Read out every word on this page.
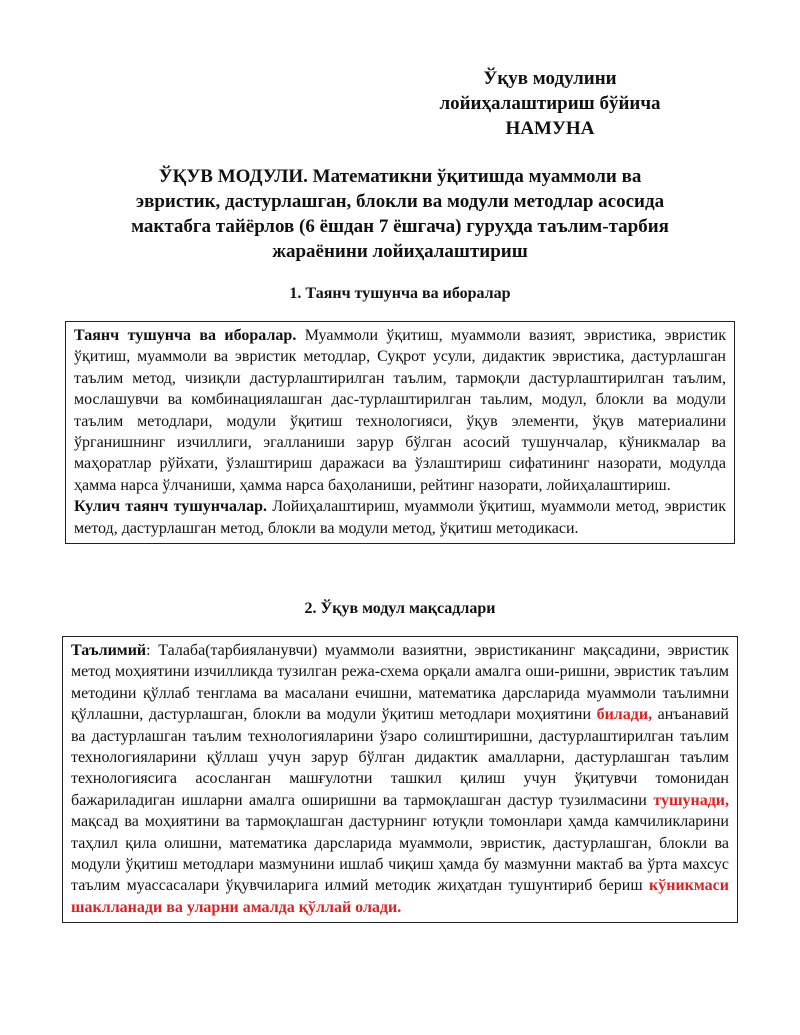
Ўқув модулини
лойиҳалаштириш бўйича
НАМУНА
ЎҚУВ МОДУЛИ. Математикни ўқитишда муаммоли ва
эвристик, дастурлашган, блокли ва модули методлар асосида
мактабга тайёрлов (6 ёшдан 7 ёшгача) гуруҳда таълим-тарбия
жараёнини лойиҳалаштириш
1. Таянч тушунча ва иборалар

Таянч тушунча ва иборалар. Муаммоли ўқитиш, муаммоли вазият, эвристика, эвристик ўқитиш, муаммоли ва эвристик методлар, Суқрот усули, дидактик эвристика, дастурлашган таълим метод, чизиқли дастурлаштирилган таълим, тармоқли дастурлаштирилган таълим, мослашувчи ва комбинациялашган дас-турлаштирилган таьлим, модул, блокли ва модули таълим методлари, модули ўқитиш технологияси, ўқув элементи, ўқув материалини ўрганишнинг изчиллиги, эгалланиши зарур бўлган асосий тушунчалар, кўникмалар ва маҳоратлар рўйхати, ўзлаштириш даражаси ва ўзлаштириш сифатининг назорати, модулда ҳамма нарса ўлчаниши, ҳамма нарса баҳоланиши, рейтинг назорати, лойиҳалаштириш.

Кулич таянч тушунчалар. Лойиҳалаштириш, муаммоли ўқитиш, муаммоли метод, эвристик метод, дастурлашган метод, блокли ва модули метод, ўқитиш методикаси.

2. Ўқув модул мақсадлари

Таълимий: Талаба(тарбияланувчи) муаммоли вазиятни, эвристиканинг мақсадини, эвристик метод моҳиятини изчилликда тузилган режа-схема орқали амалга оши-ришни, эвристик таълим методини қўллаб тенглама ва масалани ечишни, математика дарсларида муаммоли таълимни қўллашни, дастурлашган, блокли ва модули ўқитиш методлари моҳиятини билади, анъанавий ва дастурлашган таълим технологияларини ўзаро солиштиришни, дастурлаштирилган таълим технологияларини қўллаш учун зарур бўлган дидактик амалларни, дастурлашган таълим технологиясига асосланган машғулотни ташкил қилиш учун ўқитувчи томонидан бажариладиган ишларни амалга оширишни ва тармоқлашган дастур тузилмасини тушунади, мақсад ва моҳиятини ва тармоқлашган дастурнинг ютуқли томонлари ҳамда камчиликларини таҳлил қила олишни, математика дарсларида муаммоли, эвристик, дастурлашган, блокли ва модули ўқитиш методлари мазмунини ишлаб чиқиш ҳамда бу мазмунни мактаб ва ўрта махсус таълим муассасалари ўқувчиларига илмий методик жиҳатдан тушунтириб бериш кўникмаси шаклланади ва уларни амалда қўллай олади.
